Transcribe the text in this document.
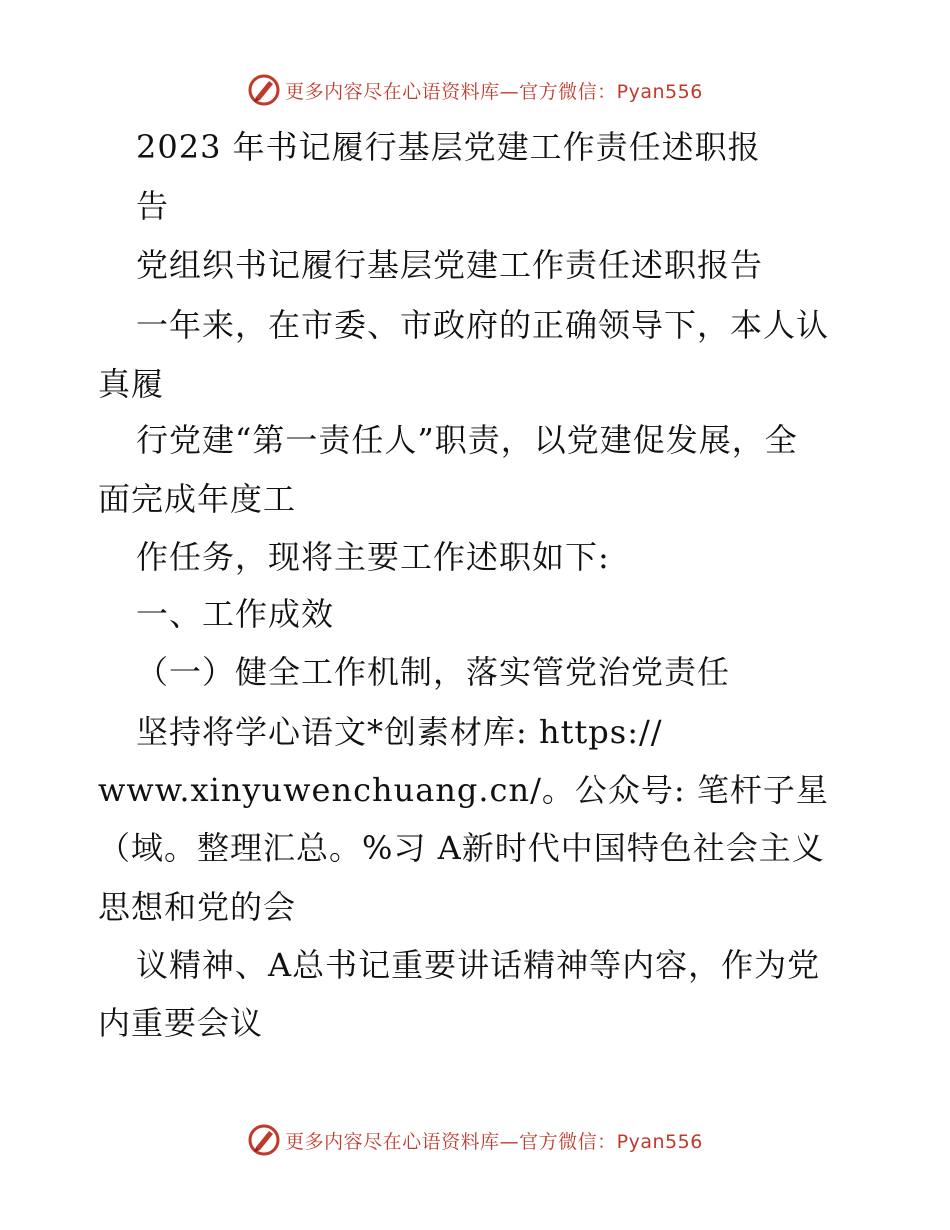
更多内容尽在心语资料库—官方微信：Pyan556
2023 年书记履行基层党建工作责任述职报
告
党组织书记履行基层党建工作责任述职报告
一年来，在市委、市政府的正确领导下，本人认
真履
行党建“第一责任人”职责，以党建促发展，全
面完成年度工
作任务，现将主要工作述职如下:
一、工作成效
（一）健全工作机制，落实管党治党责任
坚持将学心语文*创素材库: https://
www.xinyuwenchuang.cn/。公众号: 笔杆子星
（域。整理汇总。%习 A新时代中国特色社会主义
思想和党的会
议精神、A总书记重要讲话精神等内容，作为党
内重要会议
更多内容尽在心语资料库—官方微信：Pyan556
